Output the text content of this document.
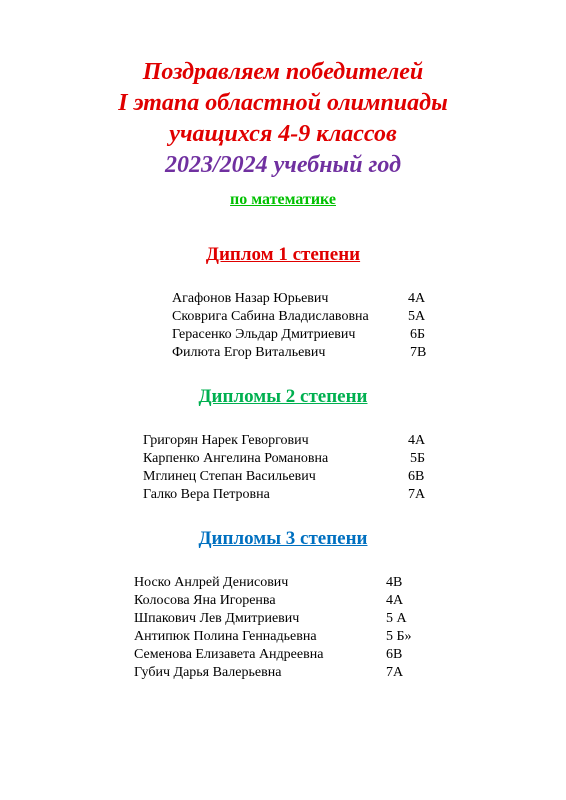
Поздравляем победителей
I этапа областной олимпиады
учащихся 4-9 классов
2023/2024 учебный год
по математике
Диплом 1 степени
Агафонов Назар Юрьевич	4А
Сковрига Сабина Владиславовна	5А
Герасенко Эльдар Дмитриевич	6Б
Филюта Егор Витальевич	7В
Дипломы 2 степени
Григорян Нарек Геворгович	4А
Карпенко Ангелина Романовна	5Б
Мглинец Степан Васильевич	6В
Галко Вера Петровна	7А
Дипломы 3 степени
Носко Анлрей Денисович	4В
Колосова Яна Игоренва	4А
Шпакович Лев Дмитриевич	5 А
Антипюк Полина Геннадьевна	5 Б»
Семенова Елизавета Андреевна	6В
Губич Дарья Валерьевна	7А
